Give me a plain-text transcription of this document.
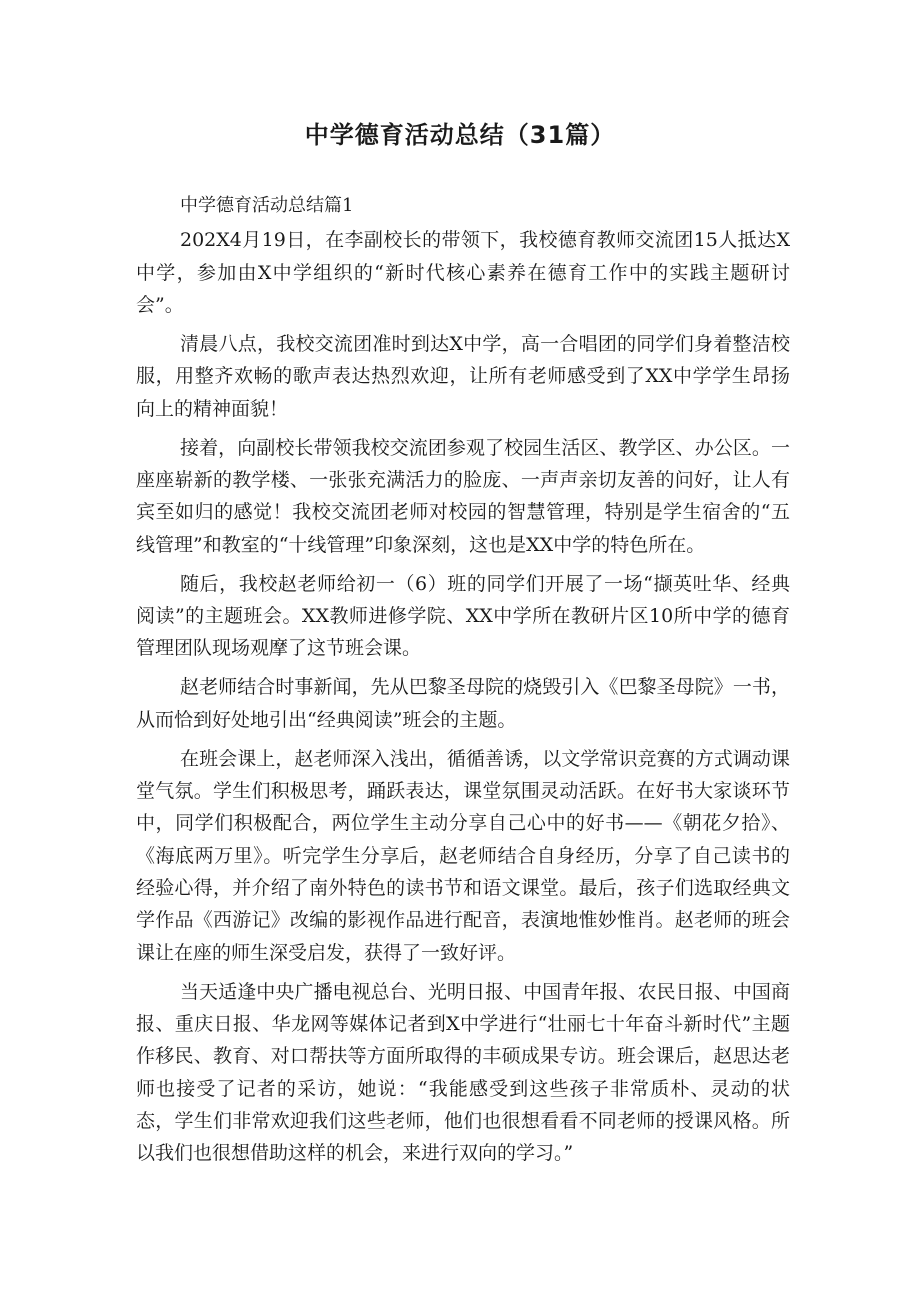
中学德育活动总结（31篇）

中学德育活动总结篇1

202X4月19日，在李副校长的带领下，我校德育教师交流团15人抵达X中学，参加由X中学组织的“新时代核心素养在德育工作中的实践主题研讨会”。

清晨八点，我校交流团准时到达X中学，高一合唱团的同学们身着整洁校服，用整齐欢畅的歌声表达热烈欢迎，让所有老师感受到了XX中学学生昂扬向上的精神面貌！

接着，向副校长带领我校交流团参观了校园生活区、教学区、办公区。一座座崭新的教学楼、一张张充满活力的脸庞、一声声亲切友善的问好，让人有宾至如归的感觉！我校交流团老师对校园的智慧管理，特别是学生宿舍的“五线管理”和教室的“十线管理”印象深刻，这也是XX中学的特色所在。

随后，我校赵老师给初一（6）班的同学们开展了一场“撷英吐华、经典阅读”的主题班会。XX教师进修学院、XX中学所在教研片区10所中学的德育管理团队现场观摩了这节班会课。

赵老师结合时事新闻，先从巴黎圣母院的烧毁引入《巴黎圣母院》一书，从而恰到好处地引出“经典阅读”班会的主题。

在班会课上，赵老师深入浅出，循循善诱，以文学常识竞赛的方式调动课堂气氛。学生们积极思考，踊跃表达，课堂氛围灵动活跃。在好书大家谈环节中，同学们积极配合，两位学生主动分享自己心中的好书——《朝花夕拾》、《海底两万里》。听完学生分享后，赵老师结合自身经历，分享了自己读书的经验心得，并介绍了南外特色的读书节和语文课堂。最后，孩子们选取经典文学作品《西游记》改编的影视作品进行配音，表演地惟妙惟肖。赵老师的班会课让在座的师生深受启发，获得了一致好评。

当天适逢中央广播电视总台、光明日报、中国青年报、农民日报、中国商报、重庆日报、华龙网等媒体记者到X中学进行“壮丽七十年奋斗新时代”主题作移民、教育、对口帮扶等方面所取得的丰硕成果专访。班会课后，赵思达老师也接受了记者的采访，她说：“我能感受到这些孩子非常质朴、灵动的状态，学生们非常欢迎我们这些老师，他们也很想看看不同老师的授课风格。所以我们也很想借助这样的机会，来进行双向的学习。”
